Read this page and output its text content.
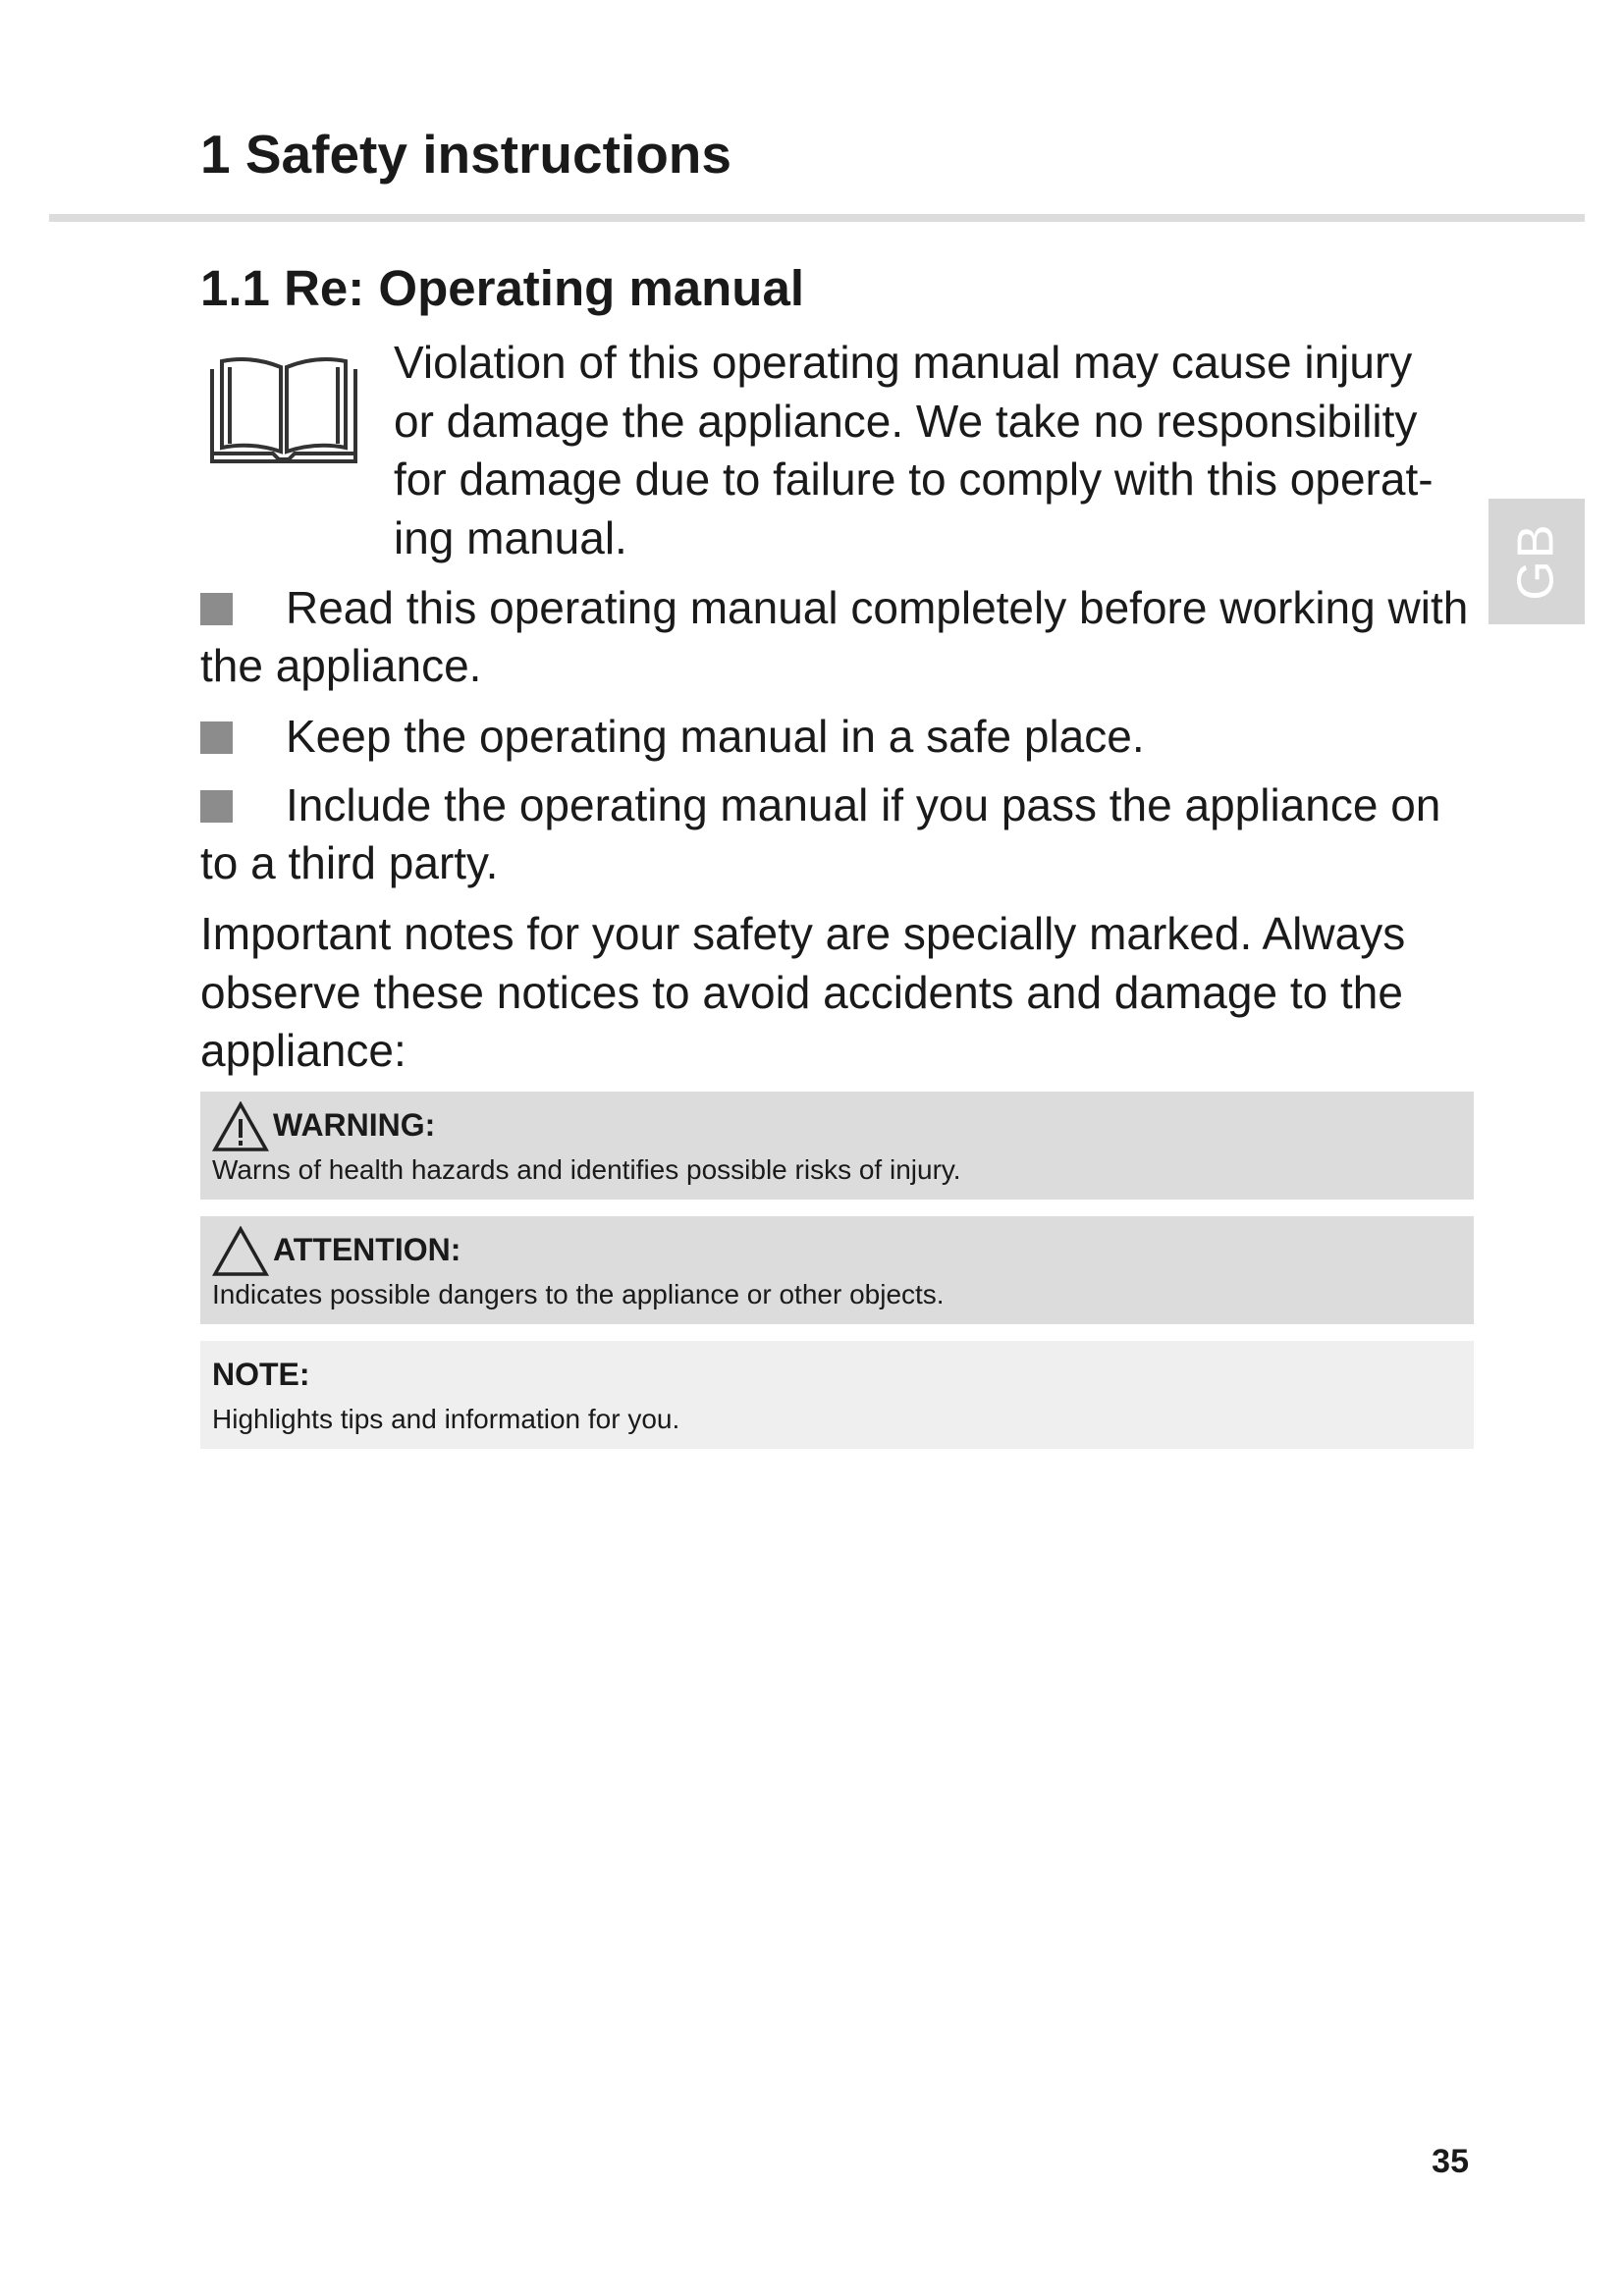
1 Safety instructions
1.1 Re: Operating manual

Violation of this operating manual may cause injury
or damage the appliance. We take no responsibility
for damage due to failure to comply with this operat-
ing manual.	GB

Read this operating manual completely before working with
the appliance.

Keep the operating manual in a safe place.

Include the operating manual if you pass the appliance on
to a third party.

Important notes for your safety are specially marked. Always
observe these notices to avoid accidents and damage to the
appliance:

WARNING:
Warns of health hazards and identifies possible risks of injury.
ATTENTION:
Indicates possible dangers to the appliance or other objects.
NOTE:
Highlights tips and information for you.
35
